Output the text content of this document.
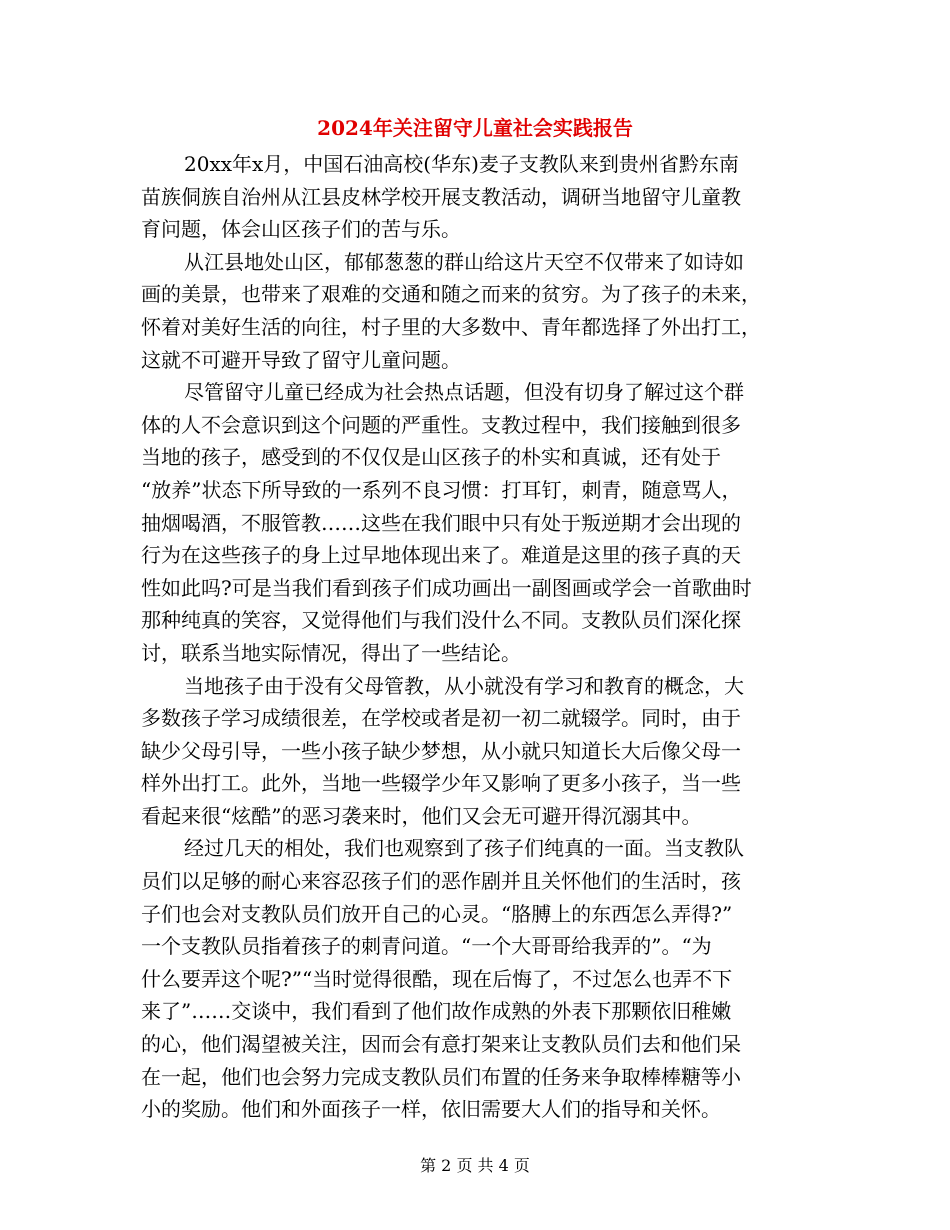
2024年关注留守儿童社会实践报告
20xx年x月，中国石油高校(华东)麦子支教队来到贵州省黔东南
苗族侗族自治州从江县皮林学校开展支教活动，调研当地留守儿童教
育问题，体会山区孩子们的苦与乐。
从江县地处山区，郁郁葱葱的群山给这片天空不仅带来了如诗如
画的美景，也带来了艰难的交通和随之而来的贫穷。为了孩子的未来，
怀着对美好生活的向往，村子里的大多数中、青年都选择了外出打工，
这就不可避开导致了留守儿童问题。
尽管留守儿童已经成为社会热点话题，但没有切身了解过这个群
体的人不会意识到这个问题的严重性。支教过程中，我们接触到很多
当地的孩子，感受到的不仅仅是山区孩子的朴实和真诚，还有处于
“放养”状态下所导致的一系列不良习惯：打耳钉，刺青，随意骂人，
抽烟喝酒，不服管教……这些在我们眼中只有处于叛逆期才会出现的
行为在这些孩子的身上过早地体现出来了。难道是这里的孩子真的天
性如此吗?可是当我们看到孩子们成功画出一副图画或学会一首歌曲时
那种纯真的笑容，又觉得他们与我们没什么不同。支教队员们深化探
讨，联系当地实际情况，得出了一些结论。
当地孩子由于没有父母管教，从小就没有学习和教育的概念，大
多数孩子学习成绩很差，在学校或者是初一初二就辍学。同时，由于
缺少父母引导，一些小孩子缺少梦想，从小就只知道长大后像父母一
样外出打工。此外，当地一些辍学少年又影响了更多小孩子，当一些
看起来很“炫酷”的恶习袭来时，他们又会无可避开得沉溺其中。
经过几天的相处，我们也观察到了孩子们纯真的一面。当支教队
员们以足够的耐心来容忍孩子们的恶作剧并且关怀他们的生活时，孩
子们也会对支教队员们放开自己的心灵。“胳膊上的东西怎么弄得?”
一个支教队员指着孩子的刺青问道。“一个大哥哥给我弄的”。“为
什么要弄这个呢?”“当时觉得很酷，现在后悔了，不过怎么也弄不下
来了”……交谈中，我们看到了他们故作成熟的外表下那颗依旧稚嫩
的心，他们渴望被关注，因而会有意打架来让支教队员们去和他们呆
在一起，他们也会努力完成支教队员们布置的任务来争取棒棒糖等小
小的奖励。他们和外面孩子一样，依旧需要大人们的指导和关怀。
第 2 页 共 4 页
